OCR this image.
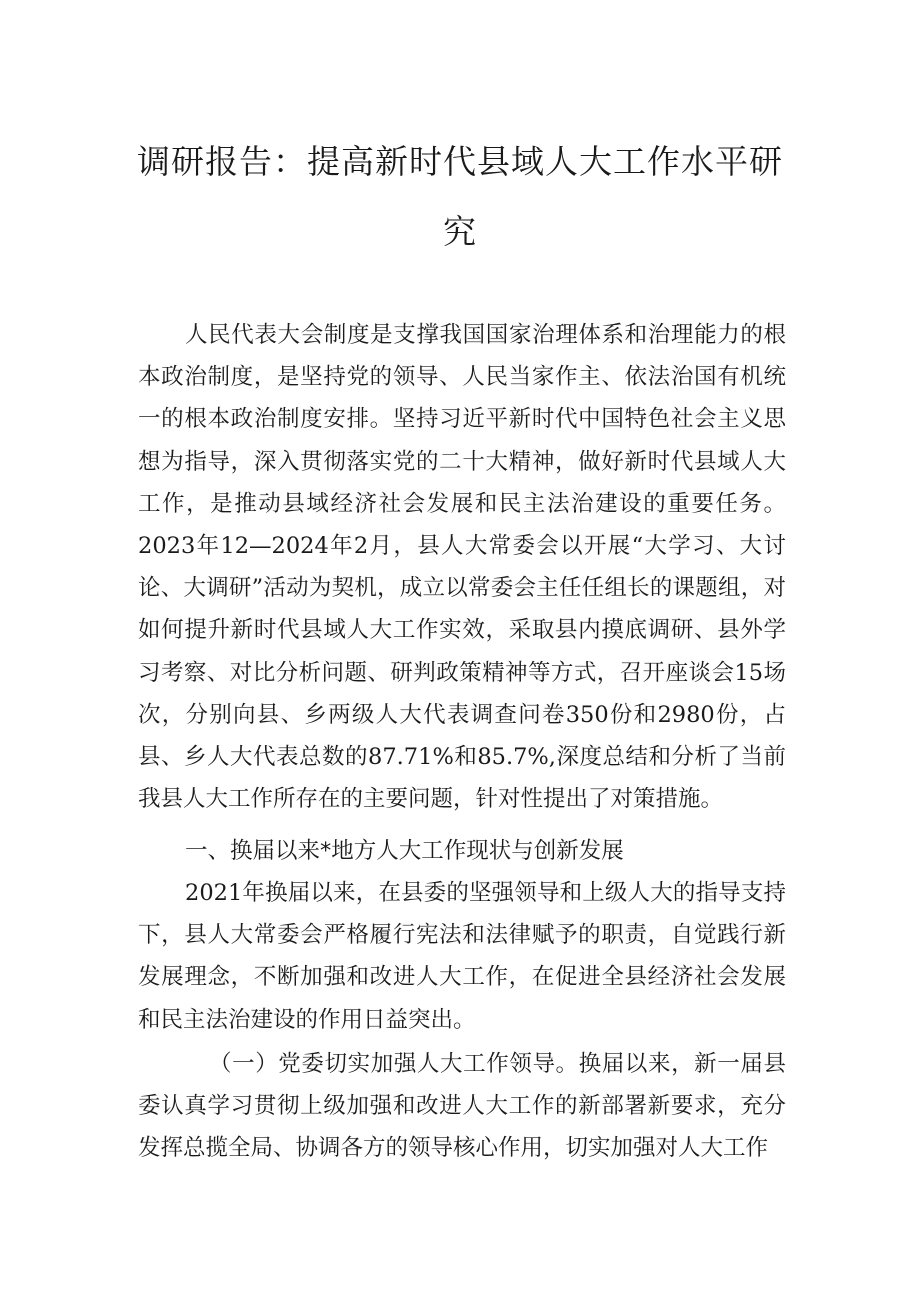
调研报告：提高新时代县域人大工作水平研
究

人民代表大会制度是支撑我国国家治理体系和治理能力的根本政治制度，是坚持党的领导、人民当家作主、依法治国有机统一的根本政治制度安排。坚持习近平新时代中国特色社会主义思想为指导，深入贯彻落实党的二十大精神，做好新时代县域人大工作，是推动县域经济社会发展和民主法治建设的重要任务。2023年12—2024年2月，县人大常委会以开展“大学习、大讨论、大调研”活动为契机，成立以常委会主任任组长的课题组，对如何提升新时代县域人大工作实效，采取县内摸底调研、县外学习考察、对比分析问题、研判政策精神等方式，召开座谈会15场次，分别向县、乡两级人大代表调查问卷350份和2980份，占县、乡人大代表总数的87.71%和85.7%,深度总结和分析了当前我县人大工作所存在的主要问题，针对性提出了对策措施。

一、换届以来*地方人大工作现状与创新发展

2021年换届以来，在县委的坚强领导和上级人大的指导支持下，县人大常委会严格履行宪法和法律赋予的职责，自觉践行新发展理念，不断加强和改进人大工作，在促进全县经济社会发展和民主法治建设的作用日益突出。

（一）党委切实加强人大工作领导。换届以来，新一届县委认真学习贯彻上级加强和改进人大工作的新部署新要求，充分发挥总揽全局、协调各方的领导核心作用，切实加强对人大工作
